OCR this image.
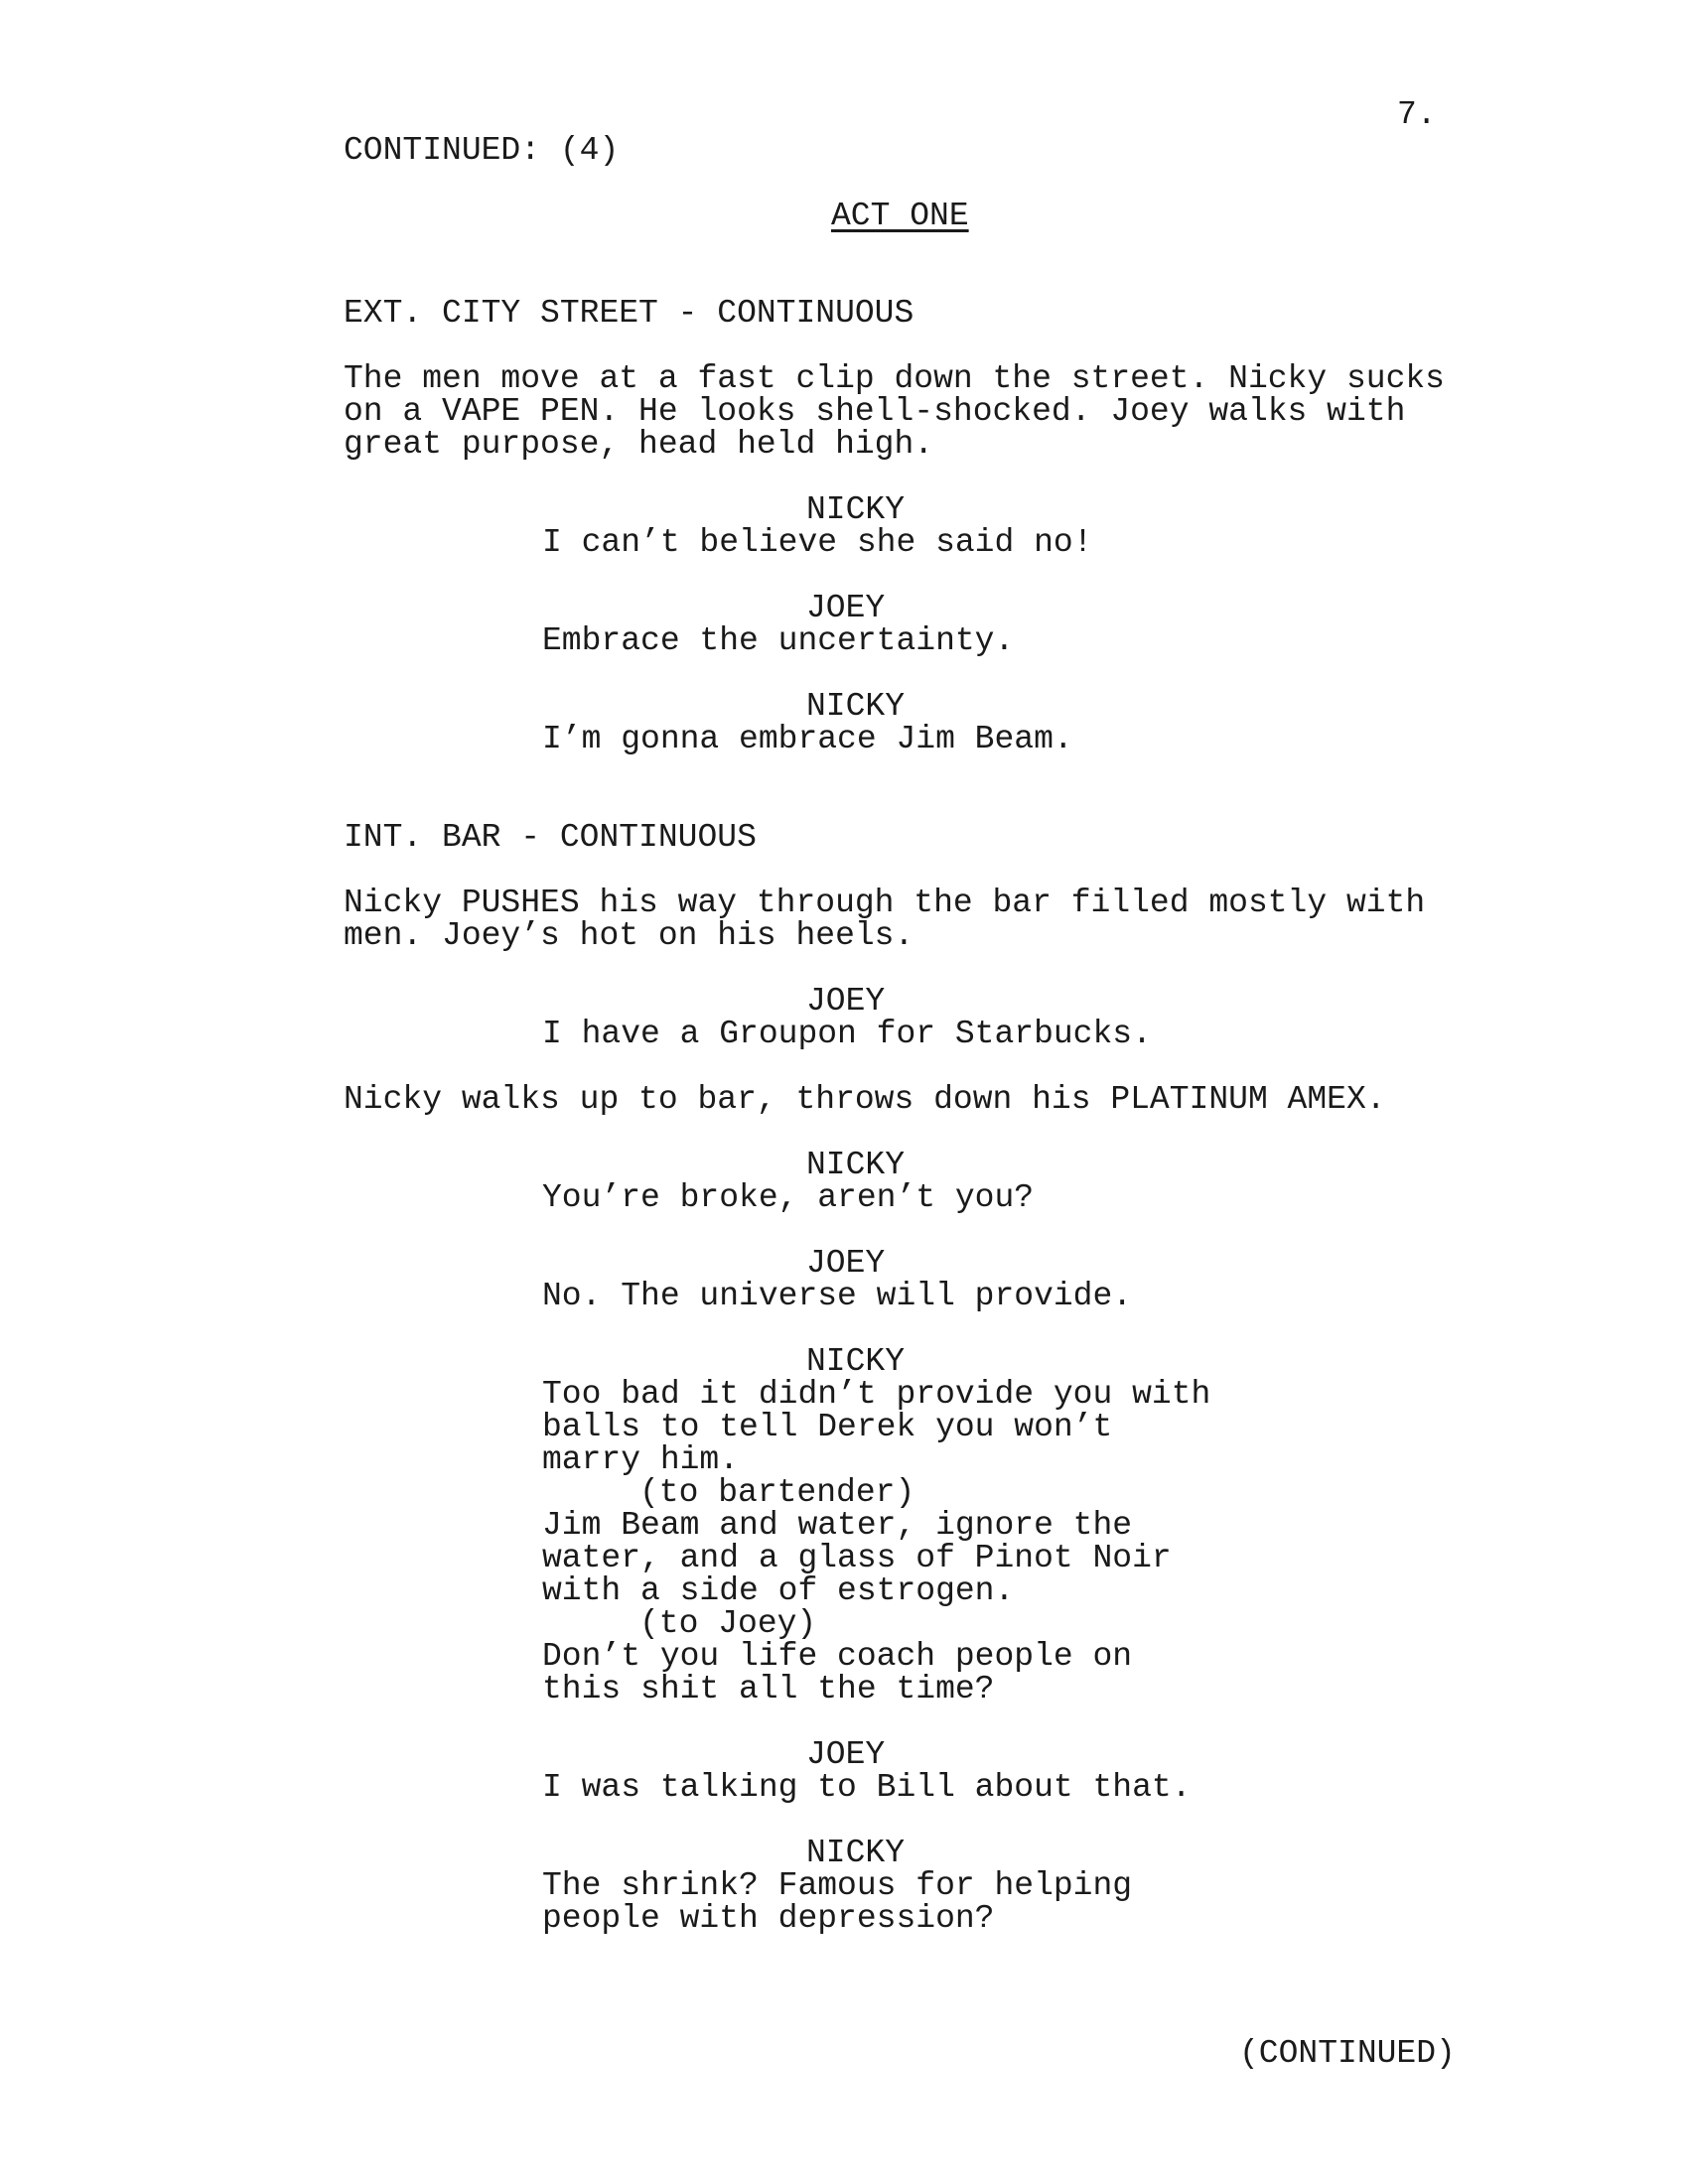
7.
CONTINUED: (4)
ACT ONE
EXT. CITY STREET - CONTINUOUS
The men move at a fast clip down the street. Nicky sucks
on a VAPE PEN. He looks shell-shocked. Joey walks with
great purpose, head held high.
NICKY
I can’t believe she said no!
JOEY
Embrace the uncertainty.
NICKY
I’m gonna embrace Jim Beam.
INT. BAR - CONTINUOUS
Nicky PUSHES his way through the bar filled mostly with
men. Joey’s hot on his heels.
JOEY
I have a Groupon for Starbucks.
Nicky walks up to bar, throws down his PLATINUM AMEX.
NICKY
You’re broke, aren’t you?
JOEY
No. The universe will provide.
NICKY
Too bad it didn’t provide you with
balls to tell Derek you won’t
marry him.
(to bartender)
Jim Beam and water, ignore the
water, and a glass of Pinot Noir
with a side of estrogen.
(to Joey)
Don’t you life coach people on
this shit all the time?
JOEY
I was talking to Bill about that.
NICKY
The shrink? Famous for helping
people with depression?
(CONTINUED)
